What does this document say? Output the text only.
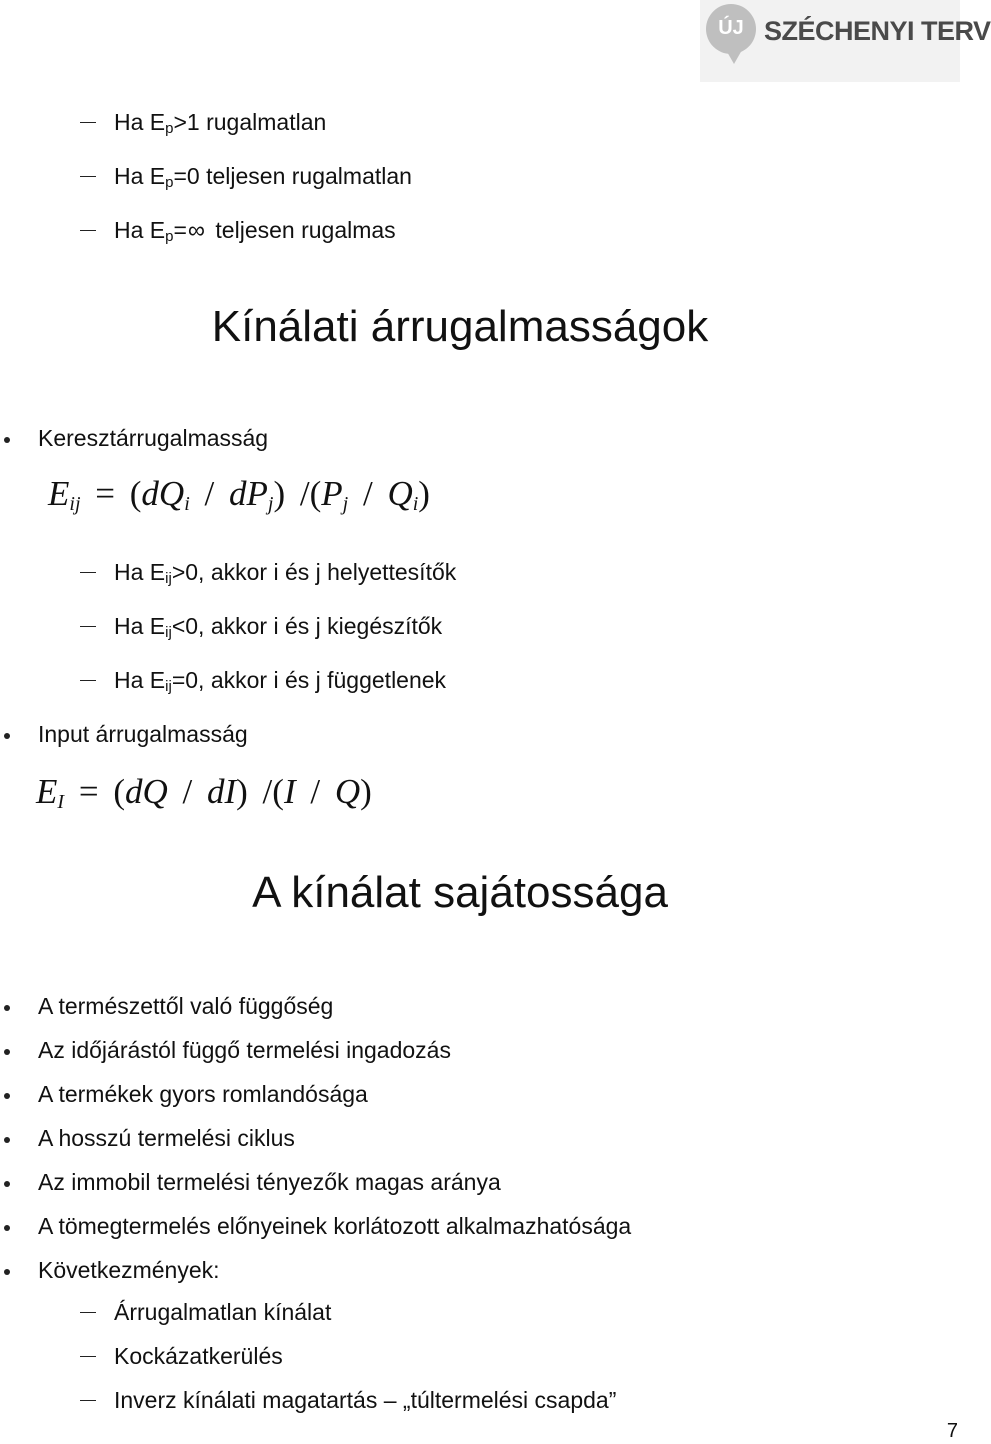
ÚJ SZÉCHENYI TERV
Ha $E_p>1$ rugalmatlan
Ha $E_p=0$ teljesen rugalmatlan
Ha $E_p=\infty$ teljesen rugalmas
Kínálati árrugalmasságok
Keresztárrugalmasság
$E_{ij} = (dQ_i / dP_j)$ $/(P_j / Q_i)$
Ha $E_{ij}>0$, akkor i és j helyettesítők
Ha $E_{ij}<0$, akkor i és j kiegészítők
Ha $E_{ij}=0$, akkor i és j függetlenek
Input árrugalmasság
$E_I = (dQ / dI)$ /(I / Q)
A kínálat sajátossága
A természettől való függőség
Az időjárástól függő termelési ingadozás
A termékek gyors romlandósága
A hosszú termelési ciklus
Az immobil termelési tényezők magas aránya
A tömegtermelés előnyeinek korlátozott alkalmazhatósága
Következmények:
Árrugalmatlan kínálat
Kockázatkerülés
Inverz kínálati magatartás – „túltermelési csapda”
7
